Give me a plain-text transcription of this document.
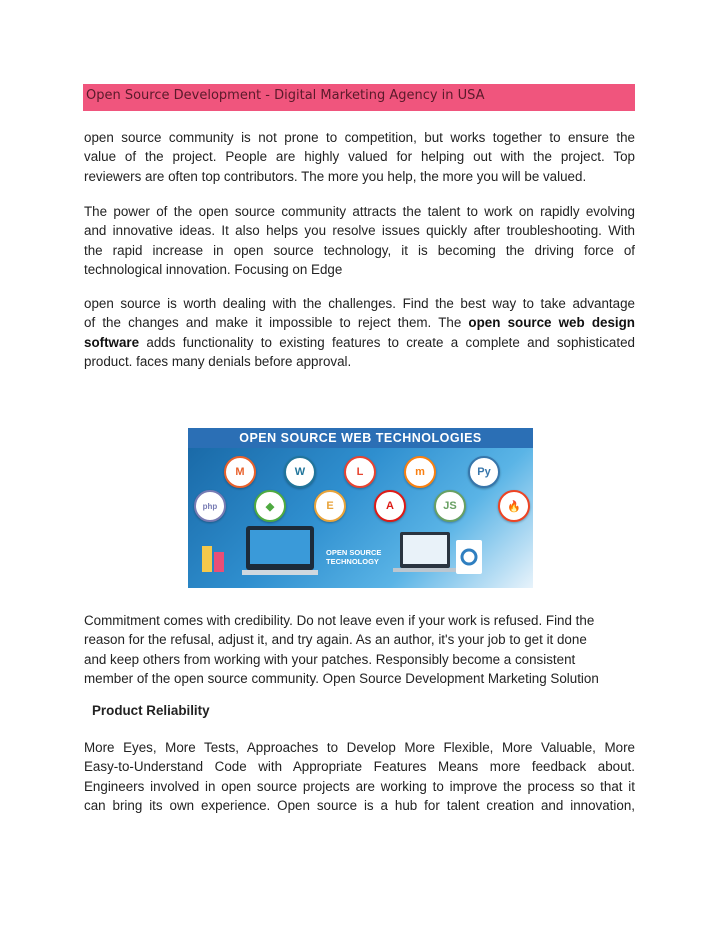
Open Source Development - Digital Marketing Agency in USA

open source community is not prone to competition, but works together to ensure the
value of the project. People are highly valued for helping out with the project. Top
reviewers are often top contributors. The more you help, the more you will be valued.

The power of the open source community attracts the talent to work on rapidly evolving
and innovative ideas. It also helps you resolve issues quickly after troubleshooting. With
the rapid increase in open source technology, it is becoming the driving force of
technological innovation. Focusing on Edge

open source is worth dealing with the challenges. Find the best way to take advantage
of the changes and make it impossible to reject them. The open source web design
software adds functionality to existing features to create a complete and sophisticated
product. faces many denials before approval.

OPEN SOURCE WEB TECHNOLOGIES
M	W	L	m	Py
php	◆	E	A	JS	🔥
OPEN SOURCE
TECHNOLOGY

Commitment comes with credibility. Do not leave even if your work is refused. Find the
reason for the refusal, adjust it, and try again. As an author, it's your job to get it done
and keep others from working with your patches. Responsibly become a consistent
member of the open source community. Open Source Development Marketing Solution

Product Reliability

More Eyes, More Tests, Approaches to Develop More Flexible, More Valuable, More
Easy-to-Understand Code with Appropriate Features Means more feedback about.
Engineers involved in open source projects are working to improve the process so that it
can bring its own experience. Open source is a hub for talent creation and innovation,
